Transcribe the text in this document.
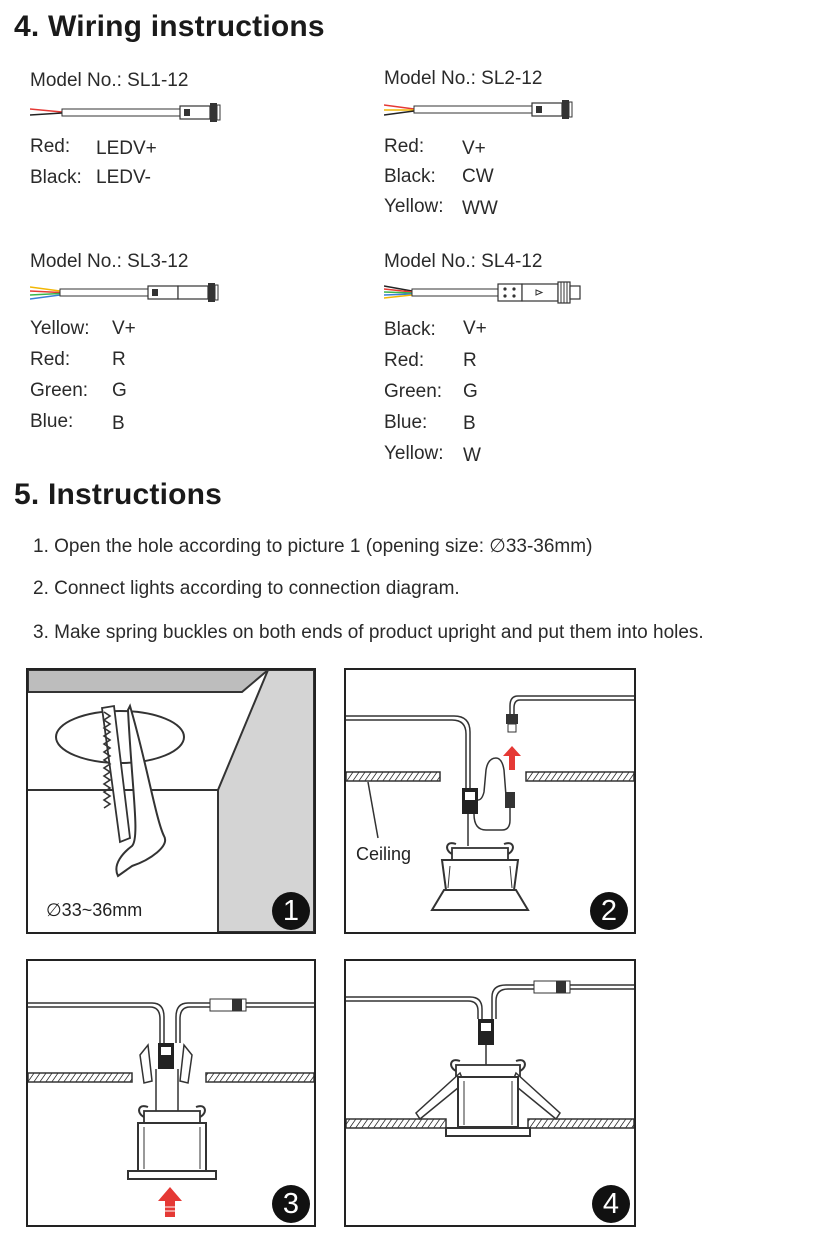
4. Wiring instructions
Model No.: SL1-12
Red: LEDV+
Black: LEDV-
Model No.: SL2-12
Red: V+
Black: CW
Yellow: WW
Model No.: SL3-12
Yellow: V+
Red: R
Green: G
Blue: B
Model No.: SL4-12
Black: V+
Red: R
Green: G
Blue: B
Yellow: W
5. Instructions
1. Open the hole according to picture 1 (opening size: ∅33-36mm)
2. Connect lights according to connection diagram.
3. Make spring buckles on both ends of product upright and put them into holes.
∅33~36mm	1
Ceiling
2
3	4
